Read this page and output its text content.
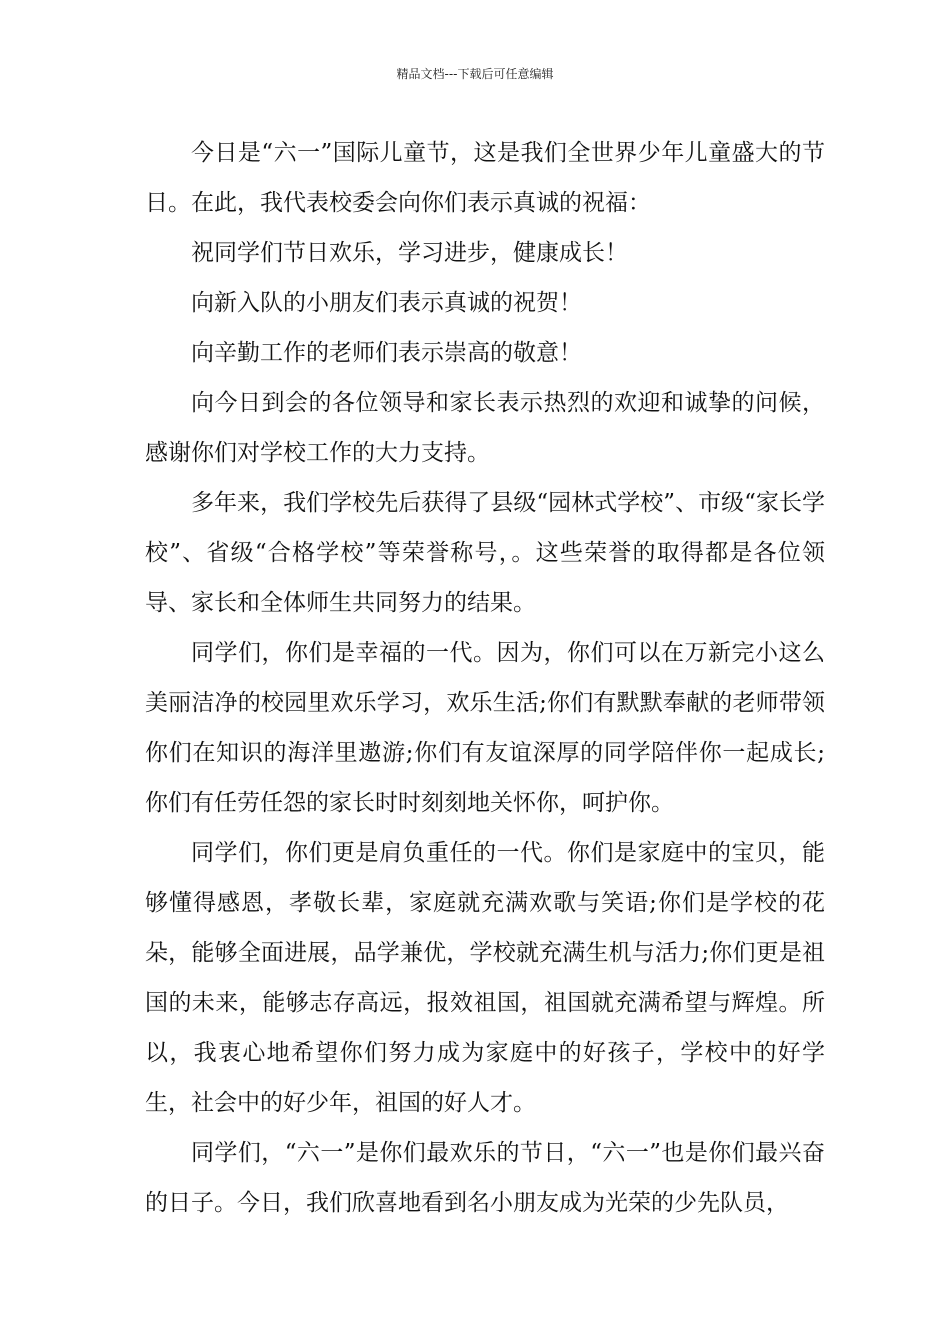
精品文档---下载后可任意编辑

今日是“六一”国际儿童节，这是我们全世界少年儿童盛大的节日。在此，我代表校委会向你们表示真诚的祝福：

祝同学们节日欢乐，学习进步，健康成长！

向新入队的小朋友们表示真诚的祝贺！

向辛勤工作的老师们表示崇高的敬意！

向今日到会的各位领导和家长表示热烈的欢迎和诚挚的问候，感谢你们对学校工作的大力支持。

多年来，我们学校先后获得了县级“园林式学校”、市级“家长学校”、省级“合格学校”等荣誉称号，。这些荣誉的取得都是各位领导、家长和全体师生共同努力的结果。

同学们，你们是幸福的一代。因为，你们可以在万新完小这么美丽洁净的校园里欢乐学习，欢乐生活;你们有默默奉献的老师带领你们在知识的海洋里遨游;你们有友谊深厚的同学陪伴你一起成长;你们有任劳任怨的家长时时刻刻地关怀你，呵护你。

同学们，你们更是肩负重任的一代。你们是家庭中的宝贝，能够懂得感恩，孝敬长辈，家庭就充满欢歌与笑语;你们是学校的花朵，能够全面进展，品学兼优，学校就充满生机与活力;你们更是祖国的未来，能够志存高远，报效祖国，祖国就充满希望与辉煌。所以，我衷心地希望你们努力成为家庭中的好孩子，学校中的好学生，社会中的好少年，祖国的好人才。

同学们，“六一”是你们最欢乐的节日，“六一”也是你们最兴奋的日子。今日，我们欣喜地看到名小朋友成为光荣的少先队员，
